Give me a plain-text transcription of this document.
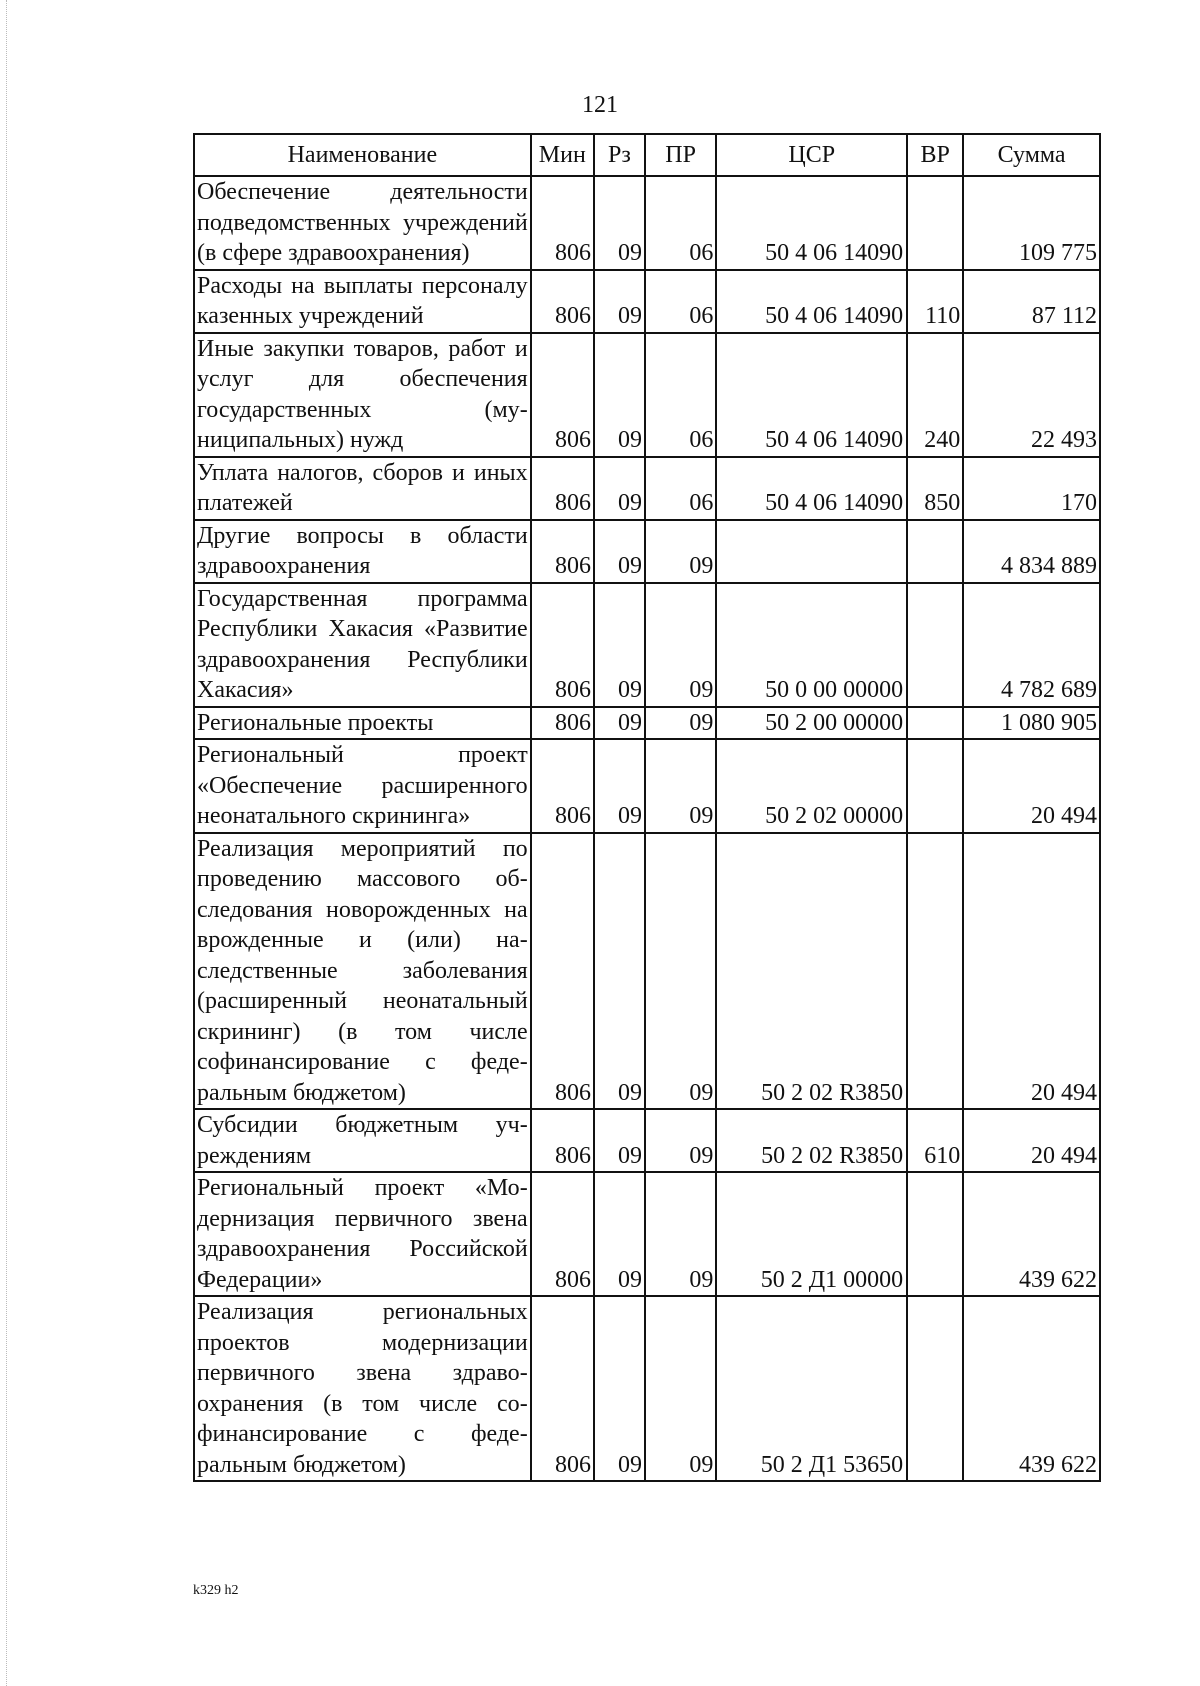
121
Наименование	Мин	Рз	ПР	ЦСР	ВР	Сумма
Обеспечение деятельности подведомственных учреждений (в сфере здравоохранения)	806	09	06	50 4 06 14090		109 775
Расходы на выплаты персоналу казенных учреждений	806	09	06	50 4 06 14090	110	87 112
Иные закупки товаров, работ и услуг для обеспечения государственных (муниципальных) нужд	806	09	06	50 4 06 14090	240	22 493
Уплата налогов, сборов и иных платежей	806	09	06	50 4 06 14090	850	170
Другие вопросы в области здравоохранения	806	09	09			4 834 889
Государственная программа Республики Хакасия «Развитие здравоохранения Республики Хакасия»	806	09	09	50 0 00 00000		4 782 689
Региональные проекты	806	09	09	50 2 00 00000		1 080 905
Региональный проект «Обеспечение расширенного неонатального скрининга»	806	09	09	50 2 02 00000		20 494
Реализация мероприятий по проведению массового обследования новорожденных на врожденные и (или) наследственные заболевания (расширенный неонатальный скрининг) (в том числе софинансирование с федеральным бюджетом)	806	09	09	50 2 02 R3850		20 494
Субсидии бюджетным учреждениям	806	09	09	50 2 02 R3850	610	20 494
Региональный проект «Модернизация первичного звена здравоохранения Российской Федерации»	806	09	09	50 2 Д1 00000		439 622
Реализация региональных проектов модернизации первичного звена здравоохранения (в том числе софинансирование с федеральным бюджетом)	806	09	09	50 2 Д1 53650		439 622
k329 h2
